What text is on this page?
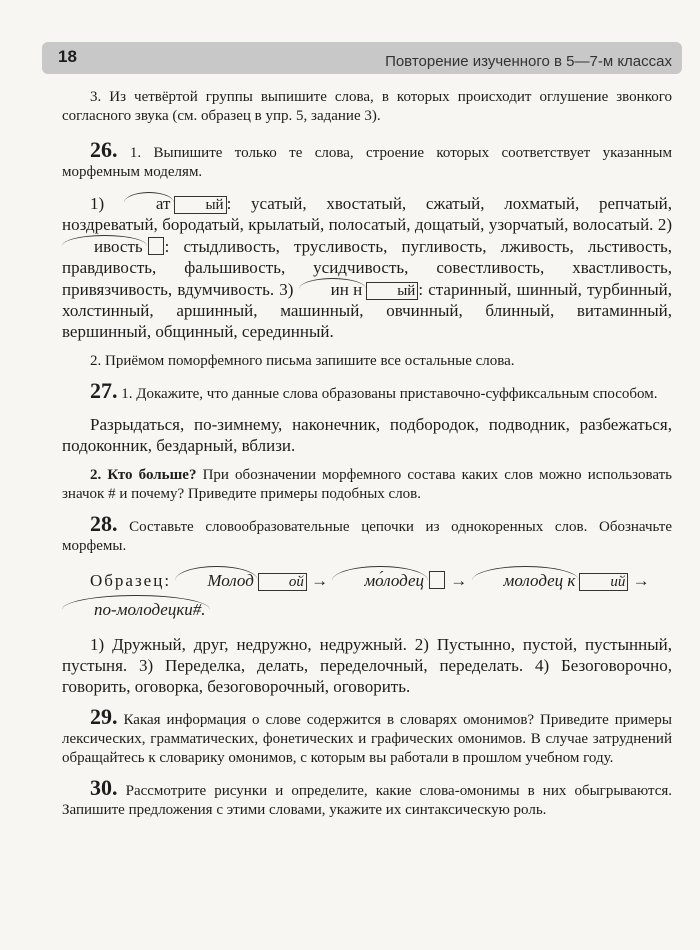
18	Повторение изученного в 5—7-м классах

3. Из четвёртой группы выпишите слова, в которых происходит оглушение звонкого согласного звука (см. образец в упр. 5, задание 3).

26. 1. Выпишите только те слова, строение которых соответствует указанным морфемным моделям.

1)	ат ый : усатый, хвостатый, сжатый, лохматый, репчатый, ноздреватый, бородатый, крылатый, полосатый, дощатый, узорчатый, волосатый. 2) ивость : стыдливость, трусливость, пугливость, лживость, льстивость, правдивость, фальшивость, усидчивость, совестливость, хвастливость, привязчивость, вдумчивость. 3) ин н ый : старинный, шинный, турбинный, холстинный, аршинный, машинный, овчинный, блинный, витаминный, вершинный, общинный, серединный.

2. Приёмом поморфемного письма запишите все остальные слова.

27. 1. Докажите, что данные слова образованы приставочно-суффиксальным способом.

Разрыдаться, по-зимнему, наконечник, подбородок, подводник, разбежаться, подоконник, бездарный, вблизи.

2. Кто больше? При обозначении морфемного состава каких слов можно использовать значок # и почему? Приведите примеры подобных слов.

28. Составьте словообразовательные цепочки из однокоренных слов. Обозначьте морфемы.

Образец: Молод ой → мо́лодец → молодец к ий →
по-молодецки#.

1) Дружный, друг, недружно, недружный. 2) Пустынно, пустой, пустынный, пустыня. 3) Переделка, делать, переделочный, переделать. 4) Безоговорочно, говорить, оговорка, безоговорочный, оговорить.

29. Какая информация о слове содержится в словарях омонимов? Приведите примеры лексических, грамматических, фонетических и графических омонимов. В случае затруднений обращайтесь к словарику омонимов, с которым вы работали в прошлом учебном году.

30. Рассмотрите рисунки и определите, какие слова-омонимы в них обыгрываются. Запишите предложения с этими словами, укажите их синтаксическую роль.
